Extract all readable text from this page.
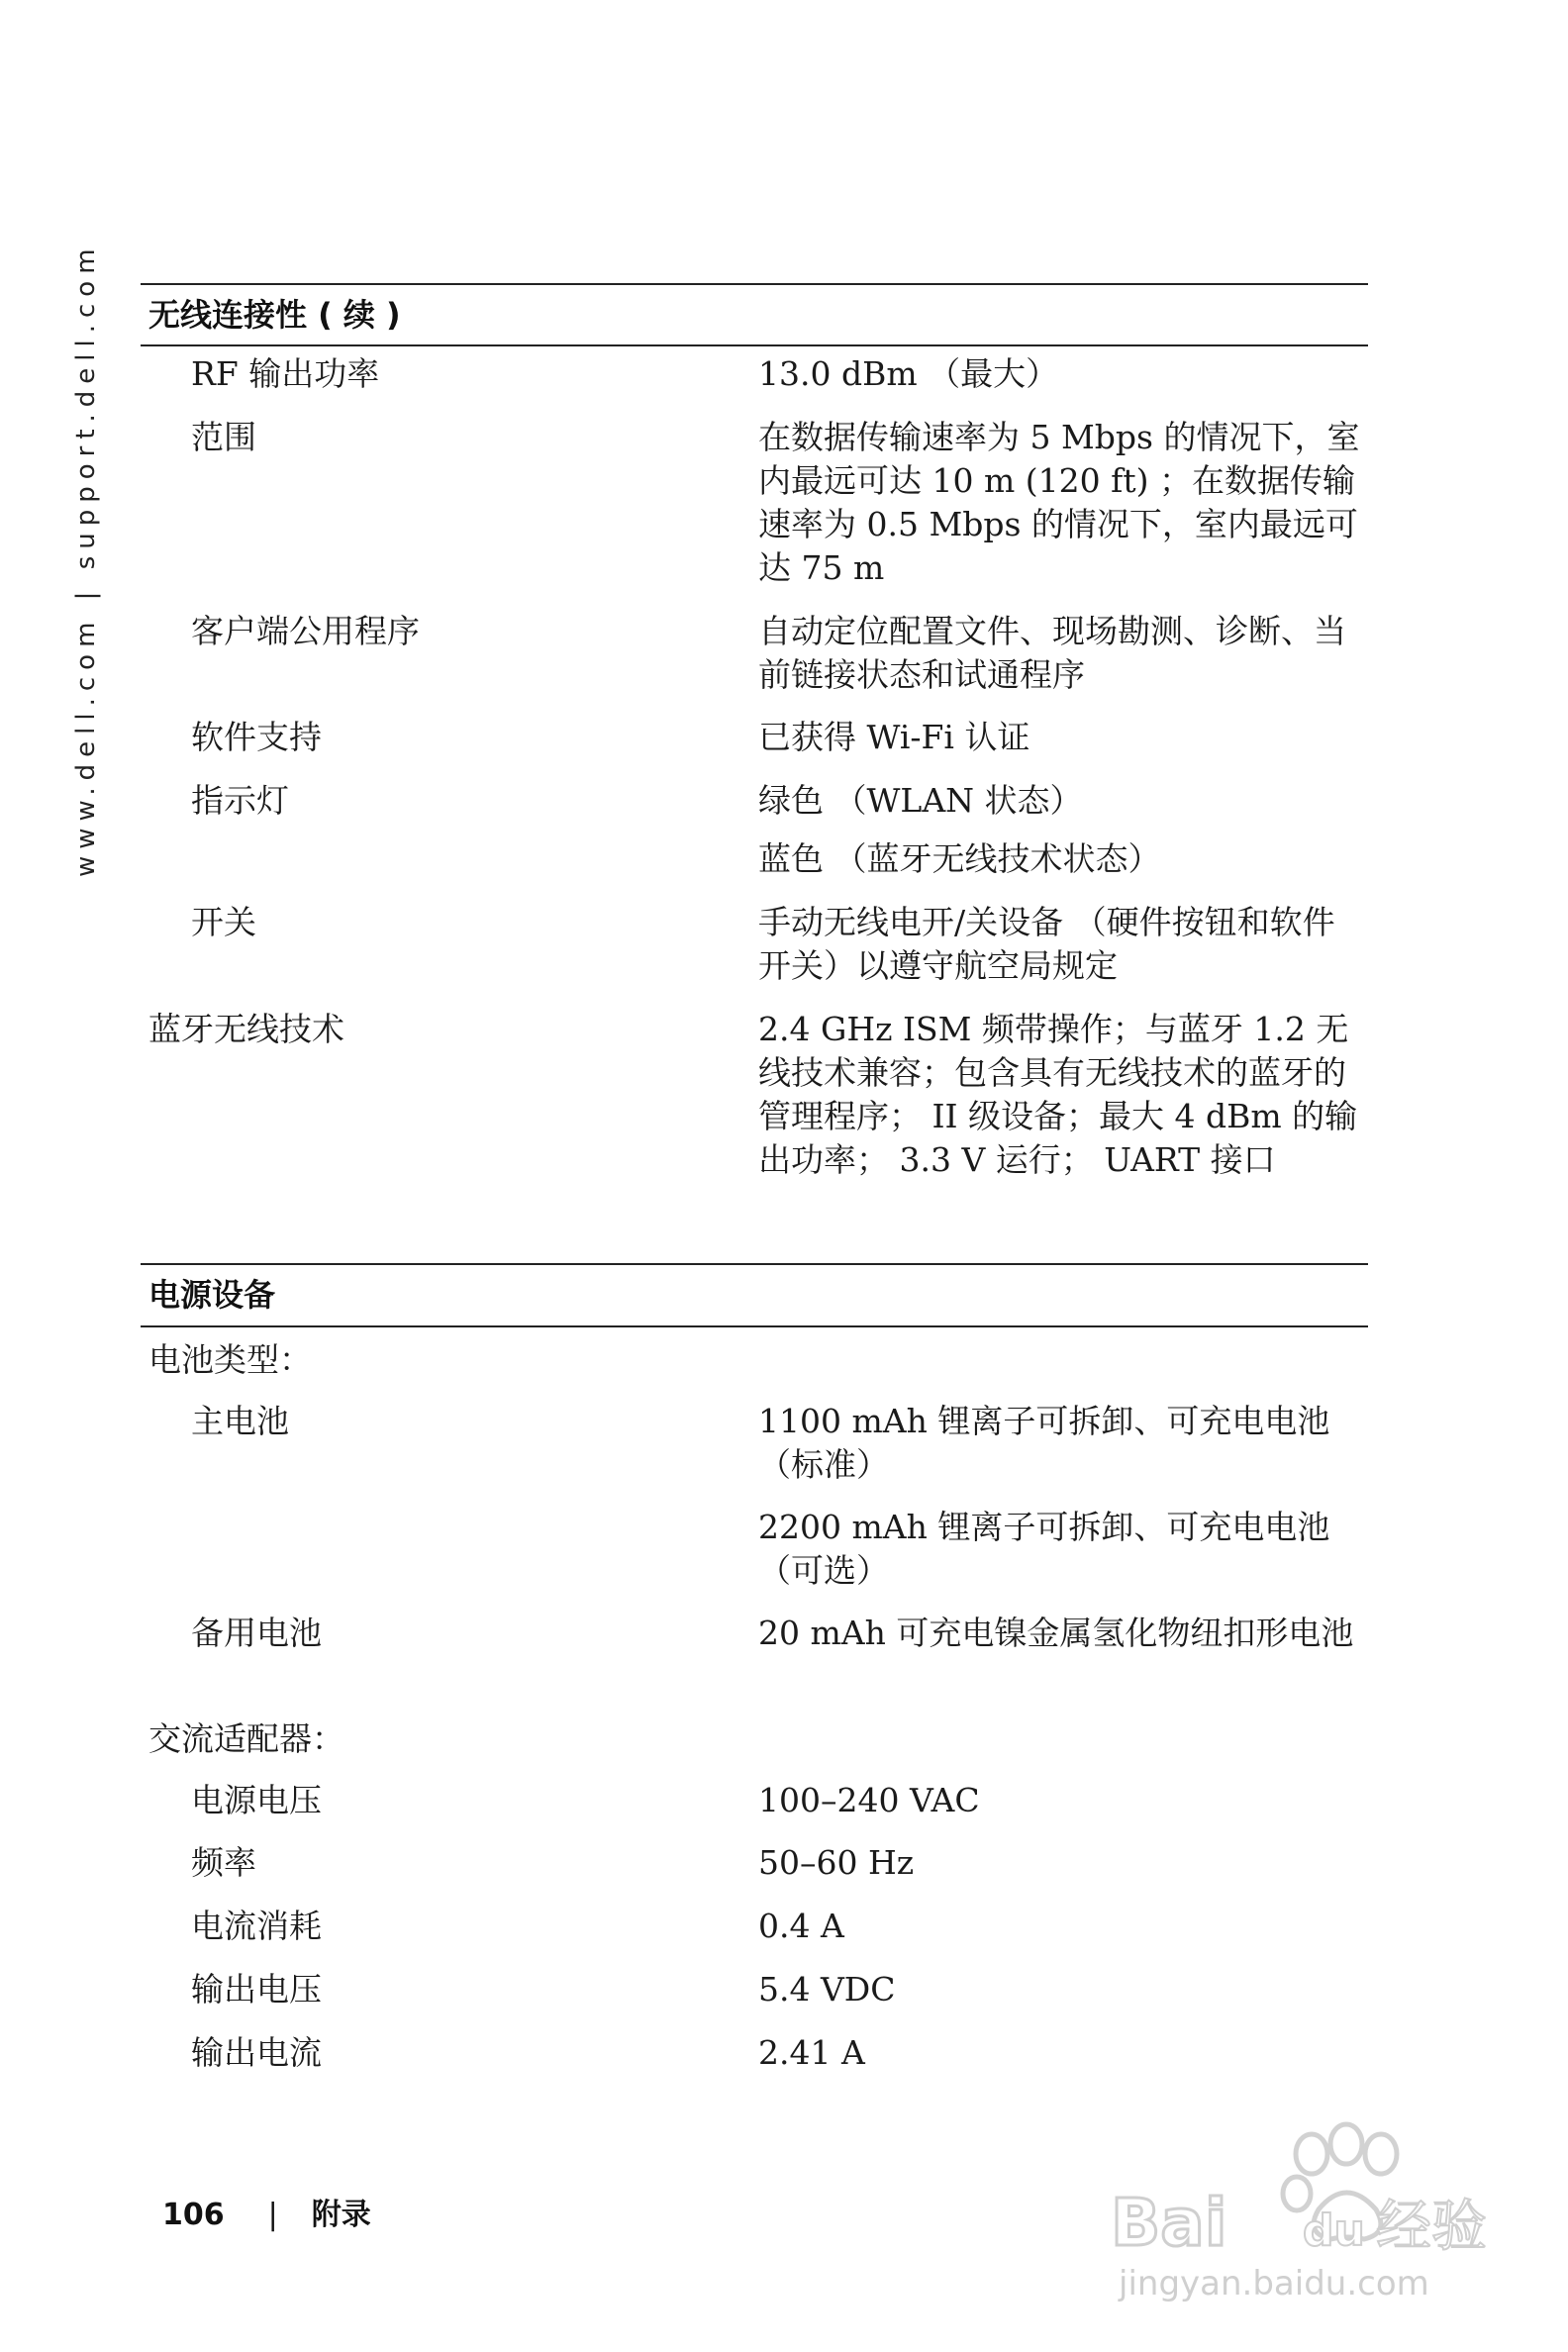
www.dell.com | support.dell.com 无线连接性 ( 续 )
RF 输出功率	13.0 dBm （最大）
范围	在数据传输速率为 5 Mbps 的情况下，室内最远可达 10 m (120 ft) ；在数据传输速率为 0.5 Mbps 的情况下，室内最远可达 75 m
客户端公用程序	自动定位配置文件、现场勘测、诊断、当前链接状态和试通程序
软件支持	已获得 Wi-Fi 认证
指示灯	绿色 （WLAN 状态）
蓝色 （蓝牙无线技术状态）
开关	手动无线电开/关设备 （硬件按钮和软件开关）以遵守航空局规定
蓝牙无线技术	2.4 GHz ISM 频带操作；与蓝牙 1.2 无线技术兼容；包含具有无线技术的蓝牙的管理程序； II 级设备；最大 4 dBm 的输出功率； 3.3 V 运行； UART 接口
电源设备
电池类型：
主电池	1100 mAh 锂离子可拆卸、可充电电池（标准）
2200 mAh 锂离子可拆卸、可充电电池（可选）
备用电池	20 mAh 可充电镍金属氢化物纽扣形电池
交流适配器：
电源电压	100–240 VAC
频率	50–60 Hz
电流消耗	0.4 A
输出电压	5.4 VDC
输出电流	2.41 A
106 | 附录	Bai du 经验
jingyan.baidu.com
